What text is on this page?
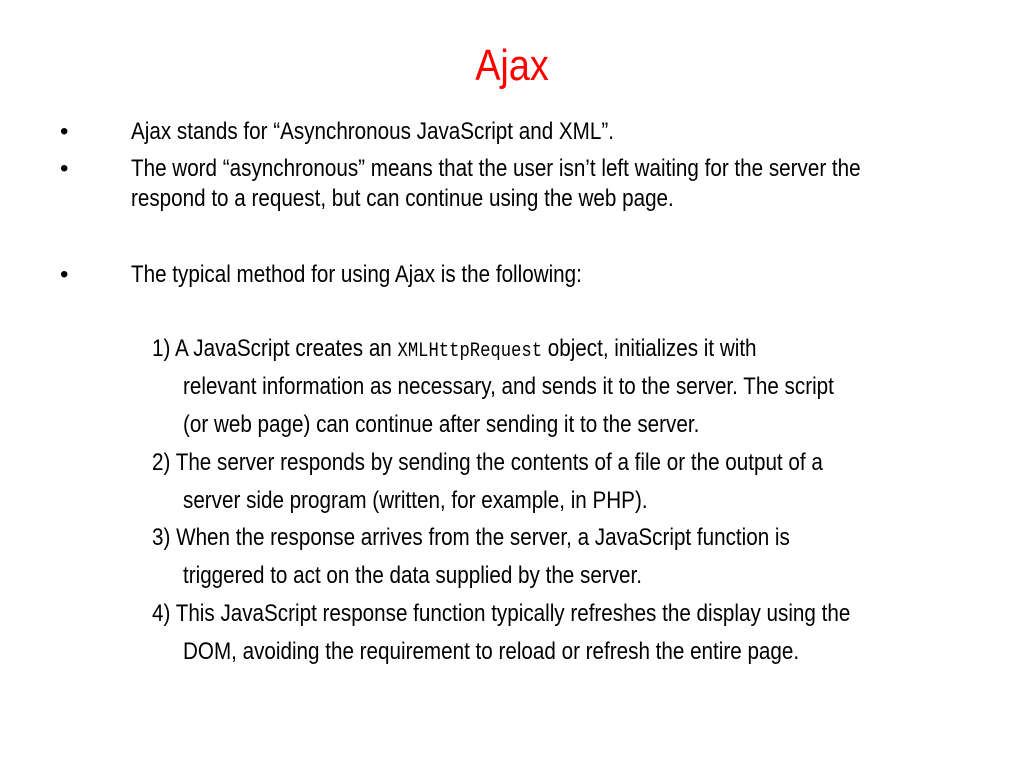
Ajax
•	Ajax stands for “Asynchronous JavaScript and XML”.
•	The word “asynchronous” means that the user isn’t left waiting for the server the
respond to a request, but can continue using the web page.
•	The typical method for using Ajax is the following:
1) A JavaScript creates an XMLHttpRequest object, initializes it with
relevant information as necessary, and sends it to the server. The script
(or web page) can continue after sending it to the server.
2) The server responds by sending the contents of a file or the output of a
server side program (written, for example, in PHP).
3) When the response arrives from the server, a JavaScript function is
triggered to act on the data supplied by the server.
4) This JavaScript response function typically refreshes the display using the
DOM, avoiding the requirement to reload or refresh the entire page.
